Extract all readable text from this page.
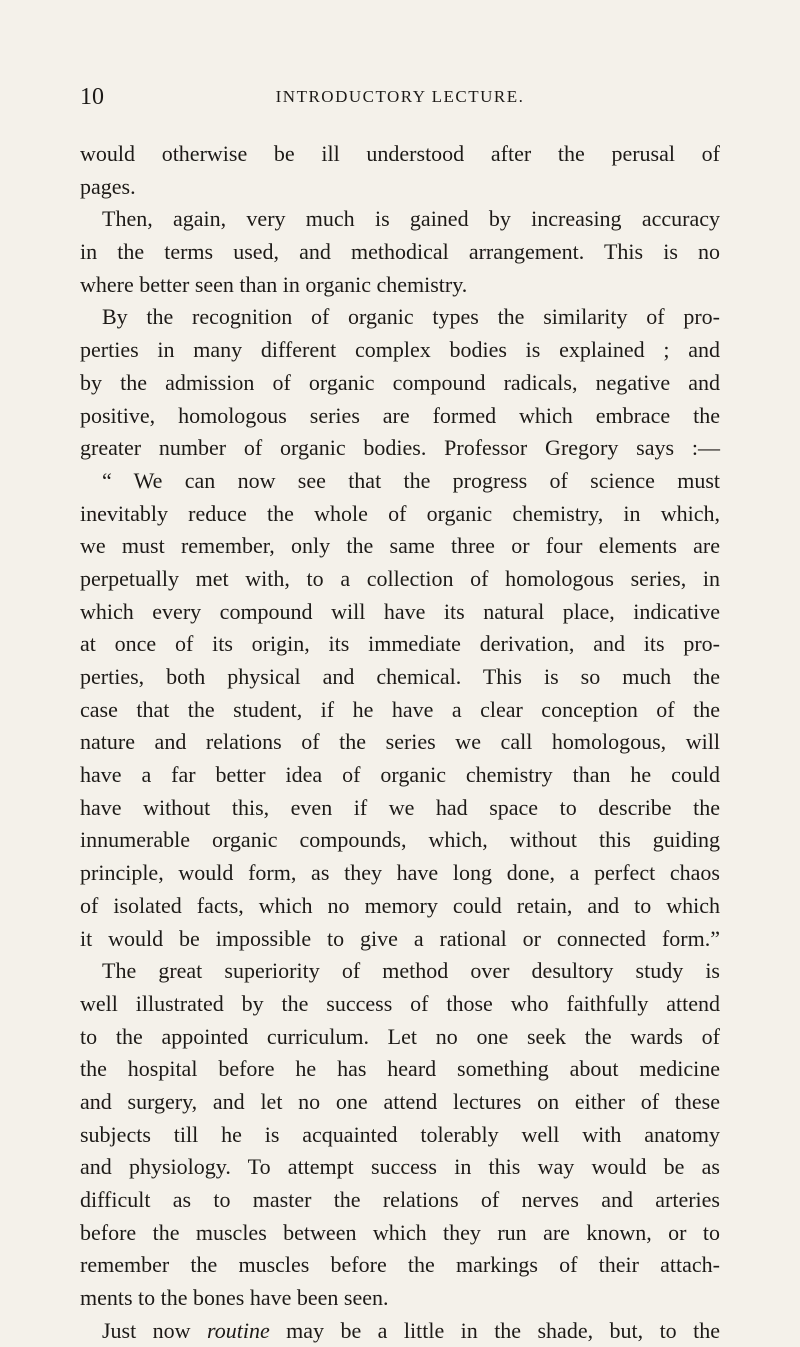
10	INTRODUCTORY LECTURE.
would otherwise be ill understood after the perusal of
pages.
Then, again, very much is gained by increasing accuracy
in the terms used, and methodical arrangement. This is no
where better seen than in organic chemistry.
By the recognition of organic types the similarity of pro-
perties in many different complex bodies is explained ; and
by the admission of organic compound radicals, negative and
positive, homologous series are formed which embrace the
greater number of organic bodies. Professor Gregory says :—
“ We can now see that the progress of science must
inevitably reduce the whole of organic chemistry, in which,
we must remember, only the same three or four elements are
perpetually met with, to a collection of homologous series, in
which every compound will have its natural place, indicative
at once of its origin, its immediate derivation, and its pro-
perties, both physical and chemical. This is so much the
case that the student, if he have a clear conception of the
nature and relations of the series we call homologous, will
have a far better idea of organic chemistry than he could
have without this, even if we had space to describe the
innumerable organic compounds, which, without this guiding
principle, would form, as they have long done, a perfect chaos
of isolated facts, which no memory could retain, and to which
it would be impossible to give a rational or connected form.”
The great superiority of method over desultory study is
well illustrated by the success of those who faithfully attend
to the appointed curriculum. Let no one seek the wards of
the hospital before he has heard something about medicine
and surgery, and let no one attend lectures on either of these
subjects till he is acquainted tolerably well with anatomy
and physiology. To attempt success in this way would be as
difficult as to master the relations of nerves and arteries
before the muscles between which they run are known, or to
remember the muscles before the markings of their attach-
ments to the bones have been seen.
Just now routine may be a little in the shade, but, to the
